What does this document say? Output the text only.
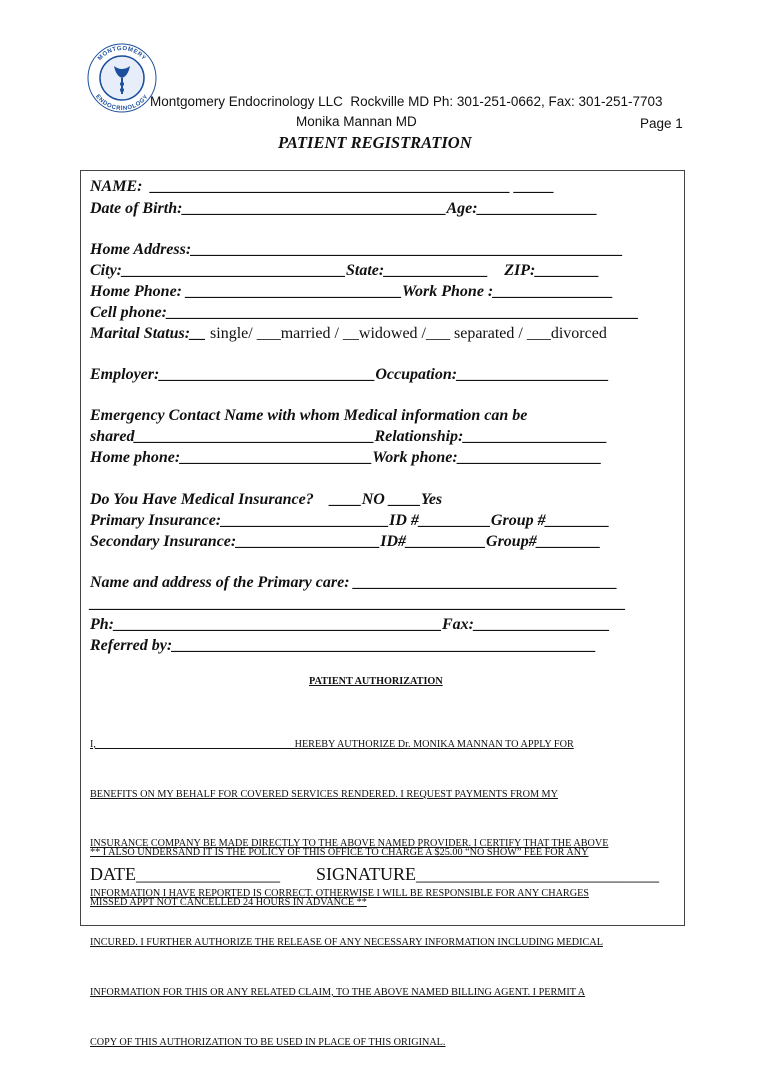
MONTGOMERY
ENDOCRINOLOGY Montgomery Endocrinology LLC  Rockville MD Ph: 301-251-0662, Fax: 301-251-7703
Monika Mannan MD	Page 1
PATIENT REGISTRATION
NAME:  _____________________________________________ _____
Date of Birth:_________________________________Age:_______________
Home Address:______________________________________________________
City:____________________________State:_____________    ZIP:________
Home Phone: ___________________________Work Phone :_______________
Cell phone:___________________________________________________________
Marital Status:__ single/ ___married / __widowed /___ separated / ___divorced
Employer:___________________________Occupation:___________________
Emergency Contact Name with whom Medical information can be
shared______________________________Relationship:__________________
Home phone:________________________Work phone:__________________
Do You Have Medical Insurance?    ____NO ____Yes
Primary Insurance:_____________________ID #_________Group #________
Secondary Insurance:__________________ID#__________Group#________
Name and address of the Primary care: _________________________________
___________________________________________________________________
Ph:_________________________________________Fax:_________________
Referred by:_____________________________________________________
PATIENT AUTHORIZATION

I,                                                                              HEREBY AUTHORIZE Dr. MONIKA MANNAN TO APPLY FOR

BENEFITS ON MY BEHALF FOR COVERED SERVICES RENDERED. I REQUEST PAYMENTS FROM MY

INSURANCE COMPANY BE MADE DIRECTLY TO THE ABOVE NAMED PROVIDER. I CERTIFY THAT THE ABOVE

INFORMATION I HAVE REPORTED IS CORRECT. OTHERWISE I WILL BE RESPONSIBLE FOR ANY CHARGES

INCURED. I FURTHER AUTHORIZE THE RELEASE OF ANY NECESSARY INFORMATION INCLUDING MEDICAL

INFORMATION FOR THIS OR ANY RELATED CLAIM, TO THE ABOVE NAMED BILLING AGENT. I PERMIT A

COPY OF THIS AUTHORIZATION TO BE USED IN PLACE OF THIS ORIGINAL.

** I ALSO UNDERSAND IT IS THE POLICY OF THIS OFFICE TO CHARGE A $25.00 “NO SHOW” FEE FOR ANY

MISSED APPT NOT CANCELLED 24 HOURS IN ADVANCE **

DATE________________ SIGNATURE___________________________
